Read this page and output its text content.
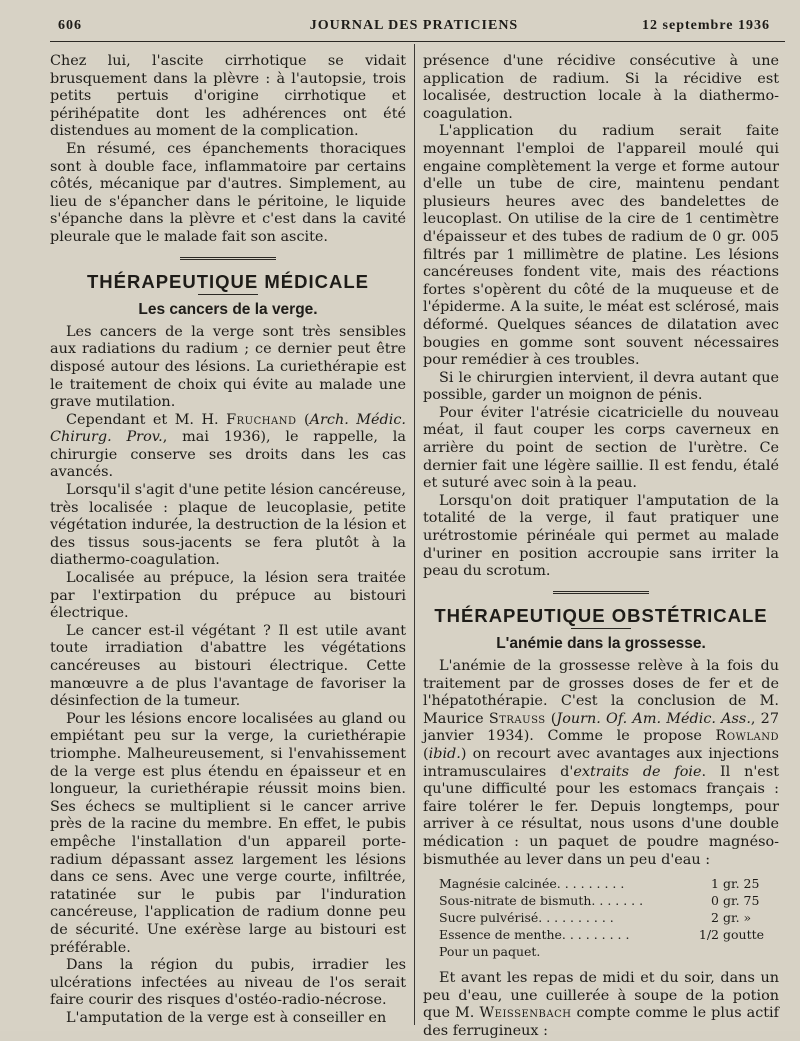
606	JOURNAL DES PRATICIENS	12 septembre 1936

Chez lui, l'ascite cirrhotique se vidait brusquement dans la plèvre : à l'autopsie, trois petits pertuis d'origine cirrhotique et périhépatite dont les adhérences ont été distendues au moment de la complication.

En résumé, ces épanchements thoraciques sont à double face, inflammatoire par certains côtés, mécanique par d'autres. Simplement, au lieu de s'épancher dans le péritoine, le liquide s'épanche dans la plèvre et c'est dans la cavité pleurale que le malade fait son ascite.

THÉRAPEUTIQUE MÉDICALE
Les cancers de la verge.

Les cancers de la verge sont très sensibles aux radiations du radium ; ce dernier peut être disposé autour des lésions. La curiethérapie est le traitement de choix qui évite au malade une grave mutilation.

Cependant et M. H. Fruchand (Arch. Médic. Chirurg. Prov., mai 1936), le rappelle, la chirurgie conserve ses droits dans les cas avancés.

Lorsqu'il s'agit d'une petite lésion cancéreuse, très localisée : plaque de leucoplasie, petite végétation indurée, la destruction de la lésion et des tissus sous-jacents se fera plutôt à la diathermo-coagulation.

Localisée au prépuce, la lésion sera traitée par l'extirpation du prépuce au bistouri électrique.

Le cancer est-il végétant ? Il est utile avant toute irradiation d'abattre les végétations cancéreuses au bistouri électrique. Cette manœuvre a de plus l'avantage de favoriser la désinfection de la tumeur.

Pour les lésions encore localisées au gland ou empiétant peu sur la verge, la curiethérapie triomphe. Malheureusement, si l'envahissement de la verge est plus étendu en épaisseur et en longueur, la curiethérapie réussit moins bien. Ses échecs se multiplient si le cancer arrive près de la racine du membre. En effet, le pubis empêche l'installation d'un appareil porte-radium dépassant assez largement les lésions dans ce sens. Avec une verge courte, infiltrée, ratatinée sur le pubis par l'induration cancéreuse, l'application de radium donne peu de sécurité. Une exérèse large au bistouri est préférable.

Dans la région du pubis, irradier les ulcérations infectées au niveau de l'os serait faire courir des risques d'ostéo-radio-nécrose.

L'amputation de la verge est à conseiller en

présence d'une récidive consécutive à une application de radium. Si la récidive est localisée, destruction locale à la diathermo-coagulation.

L'application du radium serait faite moyennant l'emploi de l'appareil moulé qui engaine complètement la verge et forme autour d'elle un tube de cire, maintenu pendant plusieurs heures avec des bandelettes de leucoplast. On utilise de la cire de 1 centimètre d'épaisseur et des tubes de radium de 0 gr. 005 filtrés par 1 millimètre de platine. Les lésions cancéreuses fondent vite, mais des réactions fortes s'opèrent du côté de la muqueuse et de l'épiderme. A la suite, le méat est sclérosé, mais déformé. Quelques séances de dilatation avec bougies en gomme sont souvent nécessaires pour remédier à ces troubles.

Si le chirurgien intervient, il devra autant que possible, garder un moignon de pénis.

Pour éviter l'atrésie cicatricielle du nouveau méat, il faut couper les corps caverneux en arrière du point de section de l'urètre. Ce dernier fait une légère saillie. Il est fendu, étalé et suturé avec soin à la peau.

Lorsqu'on doit pratiquer l'amputation de la totalité de la verge, il faut pratiquer une urétrostomie périnéale qui permet au malade d'uriner en position accroupie sans irriter la peau du scrotum.

THÉRAPEUTIQUE OBSTÉTRICALE
L'anémie dans la grossesse.

L'anémie de la grossesse relève à la fois du traitement par de grosses doses de fer et de l'hépatothérapie. C'est la conclusion de M. Maurice Strauss (Journ. Of. Am. Médic. Ass., 27 janvier 1934). Comme le propose Rowland (ibid.) on recourt avec avantages aux injections intramusculaires d'extraits de foie. Il n'est qu'une difficulté pour les estomacs français : faire tolérer le fer. Depuis longtemps, pour arriver à ce résultat, nous usons d'une double médication : un paquet de poudre magnéso-bismuthée au lever dans un peu d'eau :

Magnésie calcinée. . . . . . . . .	1	gr. 25
Sous-nitrate de bismuth. . . . . . .	0	gr. 75
Sucre pulvérisé. . . . . . . . . .	2	gr. »
Essence de menthe. . . . . . . . .	1/2	goutte
Pour un paquet.		

Et avant les repas de midi et du soir, dans un peu d'eau, une cuillerée à soupe de la potion que M. Weissenbach compte comme le plus actif des ferrugineux :
